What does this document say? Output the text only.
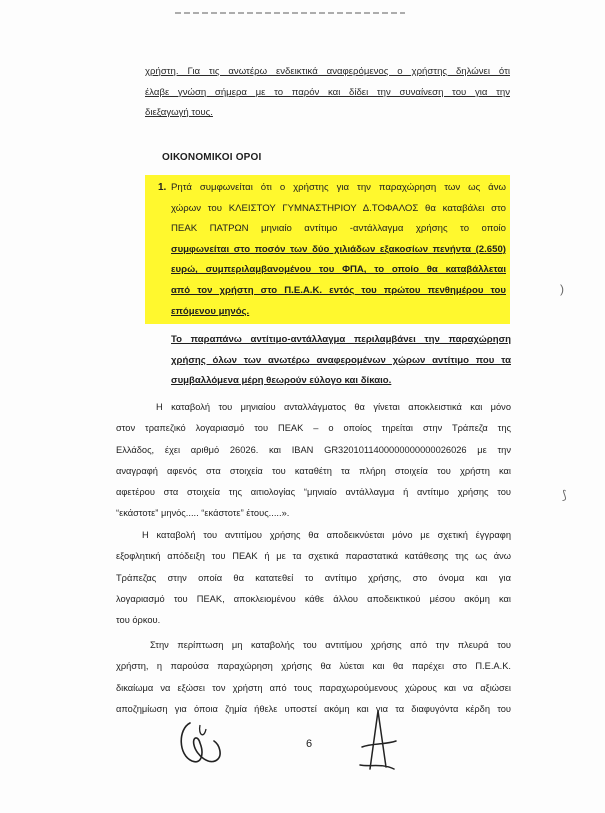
χρήστη. Για τις ανωτέρω ενδεικτικά αναφερόμενος ο χρήστης δηλώνει ότι
έλαβε γνώση σήμερα με το παρόν και δίδει την συναίνεση του για την
διεξαγωγή τους.
ΟΙΚΟΝΟΜΙΚΟΙ ΟΡΟΙ
1. Ρητά συμφωνείται ότι ο χρήστης για την παραχώρηση των ως άνω
χώρων του ΚΛΕΙΣΤΟΥ ΓΥΜΝΑΣΤΗΡΙΟΥ Δ.ΤΟΦΑΛΟΣ θα καταβάλει στο
ΠΕΑΚ ΠΑΤΡΩΝ μηνιαίο αντίτιμο -αντάλλαγμα χρήσης το οποίο
συμφωνείται στο ποσόν των δύο χιλιάδων εξακοσίων πενήντα (2.650)
ευρώ, συμπεριλαμβανομένου του ΦΠΑ, το οποίο θα καταβάλλεται
από τον χρήστη στο Π.Ε.Α.Κ. εντός του πρώτου πενθημέρου του
επόμενου μηνός.
Το παραπάνω αντίτιμο-αντάλλαγμα περιλαμβάνει την παραχώρηση
χρήσης όλων των ανωτέρω αναφερομένων χώρων αντίτιμο που τα
συμβαλλόμενα μέρη θεωρούν εύλογο και δίκαιο.
Η καταβολή του μηνιαίου ανταλλάγματος θα γίνεται αποκλειστικά και μόνο
στον τραπεζικό λογαριασμό του ΠΕΑΚ – ο οποίος τηρείται στην Τράπεζα της
Ελλάδος, έχει αριθμό 26026. και IBAN GR3201011400000000000026026 με την
αναγραφή αφενός στα στοιχεία του καταθέτη τα πλήρη στοιχεία του χρήστη και
αφετέρου στα στοιχεία της αιτιολογίας “μηνιαίο αντάλλαγμα ή αντίτιμο χρήσης του
“εκάστοτε” μηνός..... “εκάστοτε” έτους.....».
Η καταβολή του αντιτίμου χρήσης θα αποδεικνύεται μόνο με σχετική έγγραφη
εξοφλητική απόδειξη του ΠΕΑΚ ή με τα σχετικά παραστατικά κατάθεσης της ως άνω
Τράπεζας στην οποία θα κατατεθεί το αντίτιμο χρήσης, στο όνομα και για
λογαριασμό του ΠΕΑΚ, αποκλειομένου κάθε άλλου αποδεικτικού μέσου ακόμη και
του όρκου.
Στην περίπτωση μη καταβολής του αντιτίμου χρήσης από την πλευρά του
χρήστη, η παρούσα παραχώρηση χρήσης θα λύεται και θα παρέχει στο Π.Ε.Α.Κ.
δικαίωμα να εξώσει τον χρήστη από τους παραχωρούμενους χώρους και να αξιώσει
αποζημίωση για όποια ζημία ήθελε υποστεί ακόμη και για τα διαφυγόντα κέρδη του
6
)
⟆
